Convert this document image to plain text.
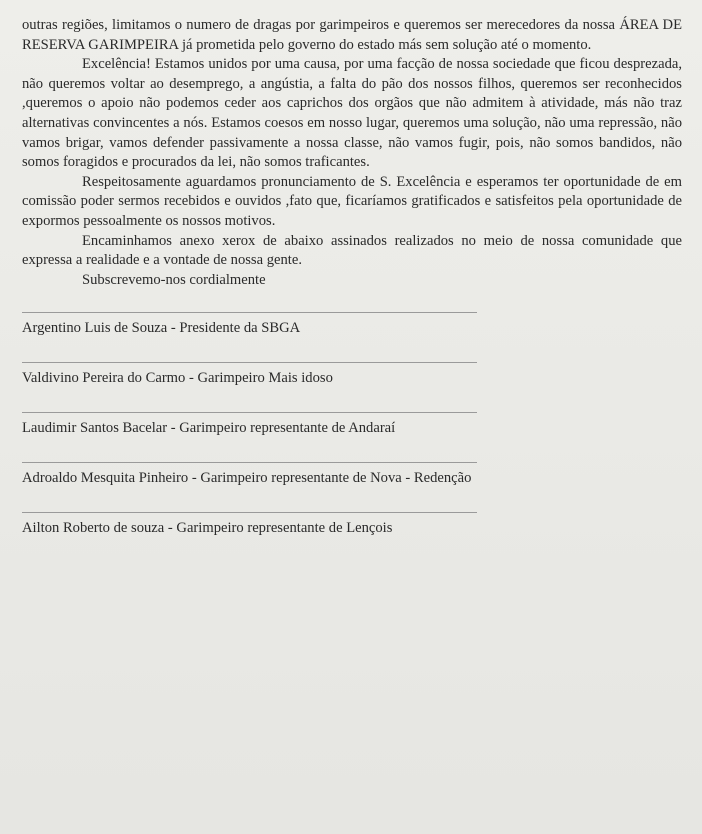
outras regiões, limitamos o numero de dragas por garimpeiros e queremos ser merecedores da nossa ÁREA DE RESERVA GARIMPEIRA já prometida pelo governo do estado más sem solução até o momento.

Excelência! Estamos unidos por uma causa, por uma facção de nossa sociedade que ficou desprezada, não queremos voltar ao desemprego, a angústia, a falta do pão dos nossos filhos, queremos ser reconhecidos ,queremos o apoio não podemos ceder aos caprichos dos orgãos que não admitem à atividade, más não traz alternativas convincentes a nós. Estamos coesos em nosso lugar, queremos uma solução, não uma repressão, não vamos brigar, vamos defender passivamente a nossa classe, não vamos fugir, pois, não somos bandidos, não somos foragidos e procurados da lei, não somos traficantes.

Respeitosamente aguardamos pronunciamento de S. Excelência e esperamos ter oportunidade de em comissão poder sermos recebidos e ouvidos ,fato que, ficaríamos gratificados e satisfeitos pela oportunidade de expormos pessoalmente os nossos motivos.

Encaminhamos anexo xerox de abaixo assinados realizados no meio de nossa comunidade que expressa a realidade e a vontade de nossa gente.

Subscrevemo-nos cordialmente

Argentino Luis de Souza - Presidente da SBGA
Valdivino Pereira do Carmo - Garimpeiro Mais idoso
Laudimir Santos Bacelar - Garimpeiro representante de Andaraí
Adroaldo Mesquita Pinheiro - Garimpeiro representante de Nova - Redenção
Ailton Roberto de souza - Garimpeiro representante de Lençois
